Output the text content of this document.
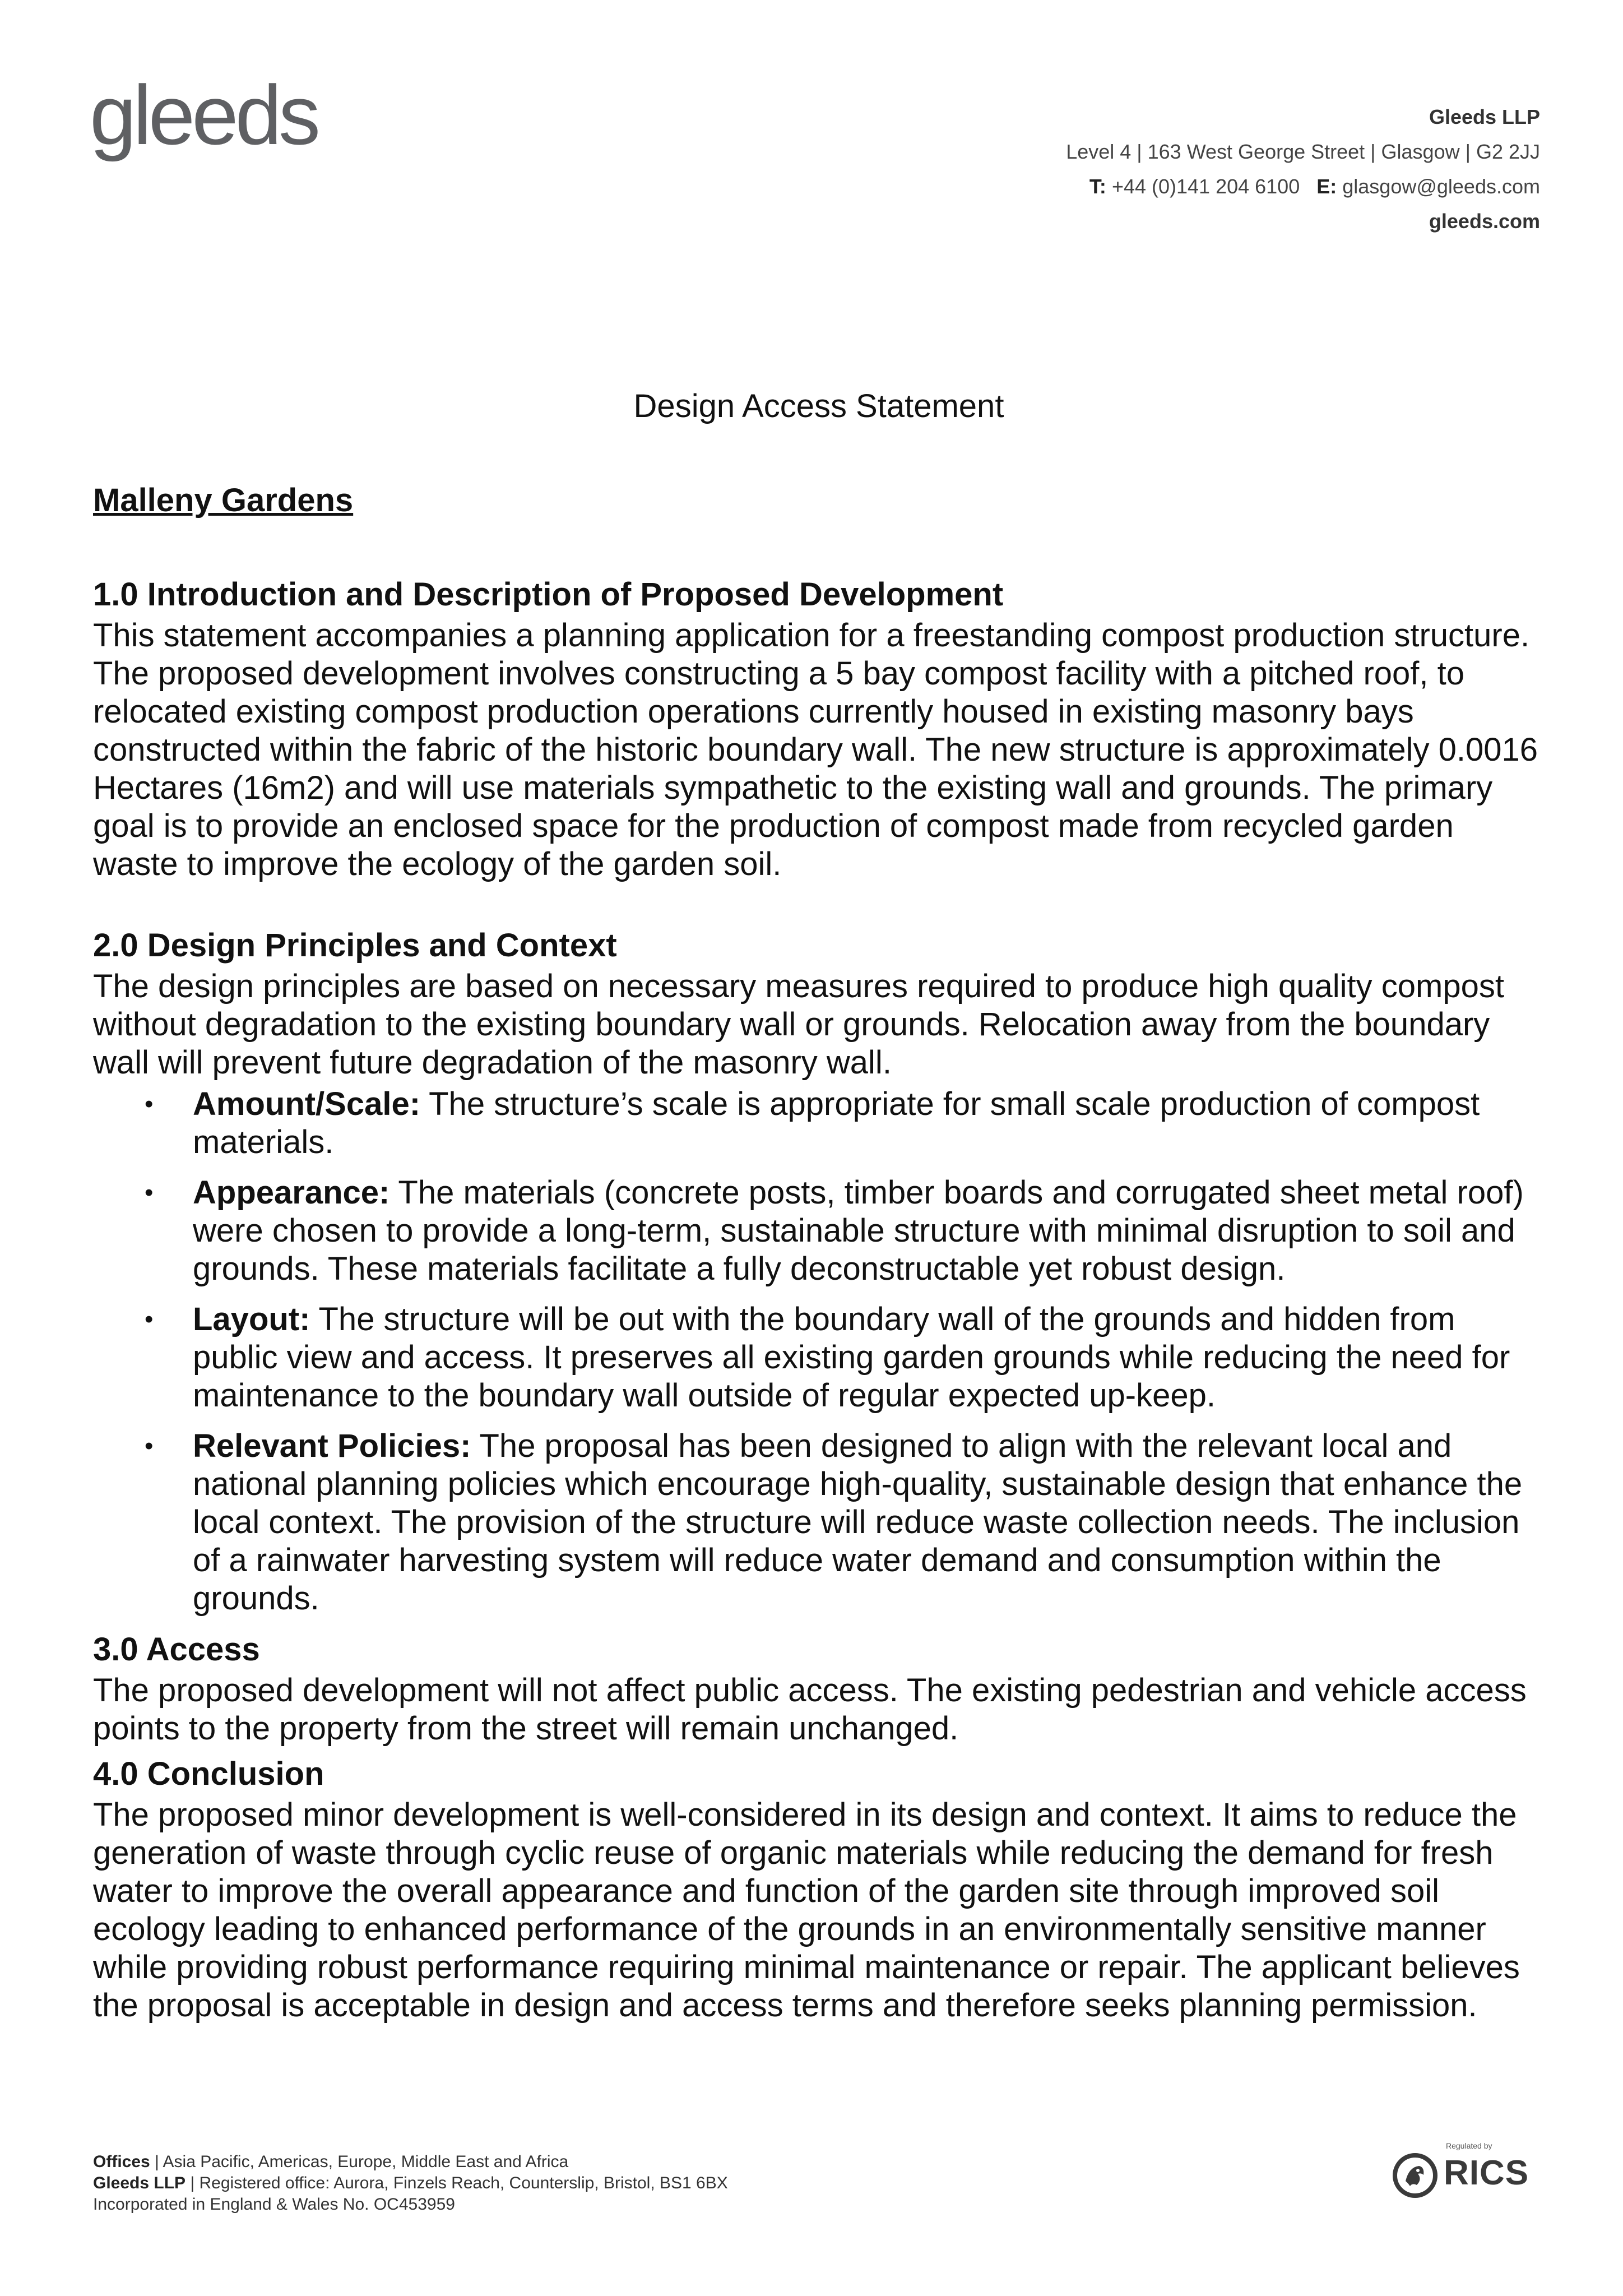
gleeds	Gleeds LLP
Level 4 | 163 West George Street | Glasgow | G2 2JJ
T: +44 (0)141 204 6100 E: glasgow@gleeds.com
gleeds.com
Design Access Statement
Malleny Gardens
1.0 Introduction and Description of Proposed Development

This statement accompanies a planning application for a freestanding compost production structure. The proposed development involves constructing a 5 bay compost facility with a pitched roof, to relocated existing compost production operations currently housed in existing masonry bays constructed within the fabric of the historic boundary wall. The new structure is approximately 0.0016 Hectares (16m2) and will use materials sympathetic to the existing wall and grounds. The primary goal is to provide an enclosed space for the production of compost made from recycled garden waste to improve the ecology of the garden soil.

2.0 Design Principles and Context

The design principles are based on necessary measures required to produce high quality compost without degradation to the existing boundary wall or grounds. Relocation away from the boundary wall will prevent future degradation of the masonry wall.

• Amount/Scale: The structure’s scale is appropriate for small scale production of compost materials.
• Appearance: The materials (concrete posts, timber boards and corrugated sheet metal roof) were chosen to provide a long-term, sustainable structure with minimal disruption to soil and grounds. These materials facilitate a fully deconstructable yet robust design.
• Layout: The structure will be out with the boundary wall of the grounds and hidden from public view and access. It preserves all existing garden grounds while reducing the need for maintenance to the boundary wall outside of regular expected up-keep.
• Relevant Policies: The proposal has been designed to align with the relevant local and national planning policies which encourage high-quality, sustainable design that enhance the local context. The provision of the structure will reduce waste collection needs. The inclusion of a rainwater harvesting system will reduce water demand and consumption within the grounds.
3.0 Access

The proposed development will not affect public access. The existing pedestrian and vehicle access points to the property from the street will remain unchanged.

4.0 Conclusion

The proposed minor development is well-considered in its design and context. It aims to reduce the generation of waste through cyclic reuse of organic materials while reducing the demand for fresh water to improve the overall appearance and function of the garden site through improved soil ecology leading to enhanced performance of the grounds in an environmentally sensitive manner while providing robust performance requiring minimal maintenance or repair. The applicant believes the proposal is acceptable in design and access terms and therefore seeks planning permission.

Offices | Asia Pacific, Americas, Europe, Middle East and Africa
Gleeds LLP | Registered office: Aurora, Finzels Reach, Counterslip, Bristol, BS1 6BX
Incorporated in England & Wales No. OC453959
Regulated by
RICS
